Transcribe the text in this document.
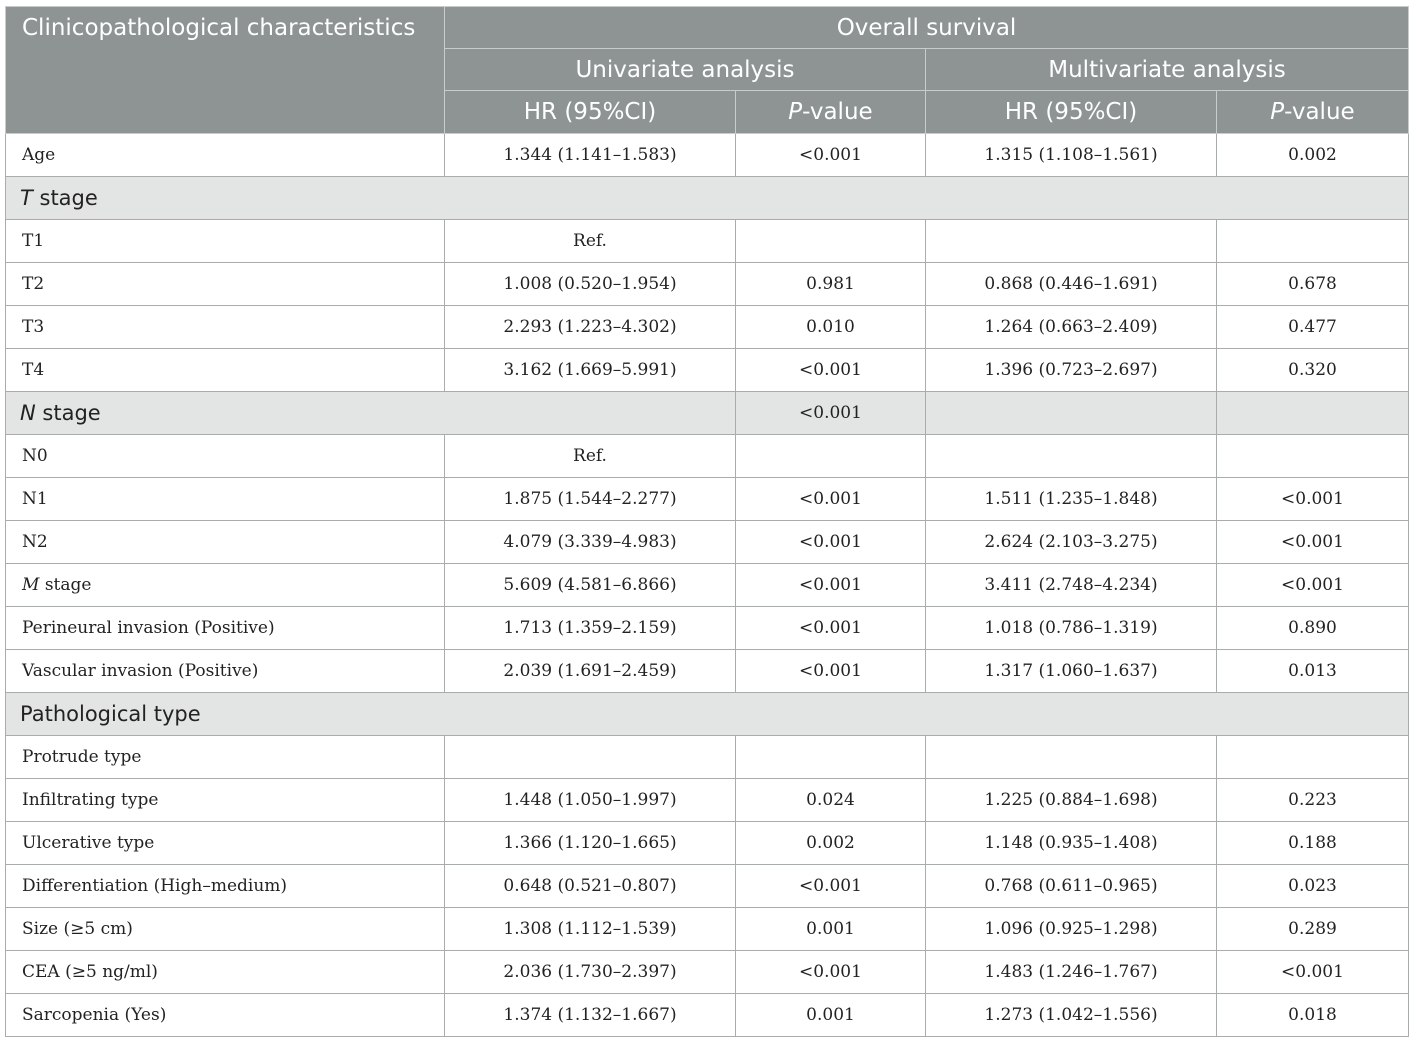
Clinicopathological characteristics	Overall survival			
	Univariate analysis		Multivariate analysis	
	HR (95%CI)	P-value	HR (95%CI)	P-value
Age	1.344 (1.141–1.583)	<0.001	1.315 (1.108–1.561)	0.002
T stage				
T1	Ref.			
T2	1.008 (0.520–1.954)	0.981	0.868 (0.446–1.691)	0.678
T3	2.293 (1.223–4.302)	0.010	1.264 (0.663–2.409)	0.477
T4	3.162 (1.669–5.991)	<0.001	1.396 (0.723–2.697)	0.320
N stage		<0.001		
N0	Ref.			
N1	1.875 (1.544–2.277)	<0.001	1.511 (1.235–1.848)	<0.001
N2	4.079 (3.339–4.983)	<0.001	2.624 (2.103–3.275)	<0.001
M stage	5.609 (4.581–6.866)	<0.001	3.411 (2.748–4.234)	<0.001
Perineural invasion (Positive)	1.713 (1.359–2.159)	<0.001	1.018 (0.786–1.319)	0.890
Vascular invasion (Positive)	2.039 (1.691–2.459)	<0.001	1.317 (1.060–1.637)	0.013
Pathological type				
Protrude type				
Infiltrating type	1.448 (1.050–1.997)	0.024	1.225 (0.884–1.698)	0.223
Ulcerative type	1.366 (1.120–1.665)	0.002	1.148 (0.935–1.408)	0.188
Differentiation (High–medium)	0.648 (0.521–0.807)	<0.001	0.768 (0.611–0.965)	0.023
Size (≥5 cm)	1.308 (1.112–1.539)	0.001	1.096 (0.925–1.298)	0.289
CEA (≥5 ng/ml)	2.036 (1.730–2.397)	<0.001	1.483 (1.246–1.767)	<0.001
Sarcopenia (Yes)	1.374 (1.132–1.667)	0.001	1.273 (1.042–1.556)	0.018
